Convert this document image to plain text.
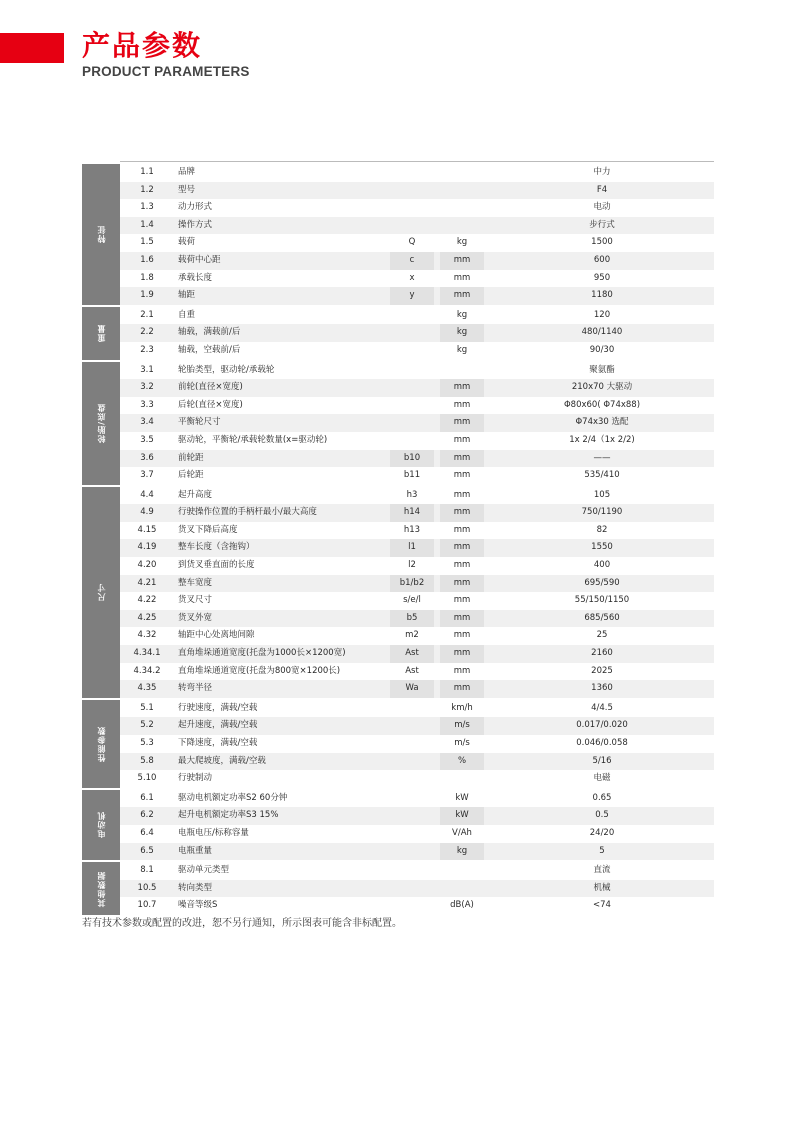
产品参数
PRODUCT PARAMETERS
特征
1.1	品牌	中力
1.2	型号	F4
1.3	动力形式	电动
1.4	操作方式	步行式
1.5	载荷	Q	kg	1500
1.6	载荷中心距	c	mm	600
1.8	承载长度	x	mm	950
1.9	轴距	y	mm	1180
重量
2.1	自重	kg	120
2.2	轴载，满载前/后	kg	480/1140
2.3	轴载，空载前/后	kg	90/30
轮胎/底盘
3.1	轮胎类型，驱动轮/承载轮	聚氨酯
3.2	前轮(直径×宽度)	mm	210x70 大驱动
3.3	后轮(直径×宽度)	mm	Φ80x60( Φ74x88)
3.4	平衡轮尺寸	mm	Φ74x30 选配
3.5	驱动轮，平衡轮/承载轮数量(x=驱动轮)	mm	1x 2/4（1x 2/2)
3.6	前轮距	b10	mm	——
3.7	后轮距	b11	mm	535/410
尺寸
4.4	起升高度	h3	mm	105
4.9	行驶操作位置的手柄杆最小/最大高度	h14	mm	750/1190
4.15	货叉下降后高度	h13	mm	82
4.19	整车长度（含拖钩）	l1	mm	1550
4.20	到货叉垂直面的长度	l2	mm	400
4.21	整车宽度	b1/b2	mm	695/590
4.22	货叉尺寸	s/e/l	mm	55/150/1150
4.25	货叉外宽	b5	mm	685/560
4.32	轴距中心处离地间隙	m2	mm	25
4.34.1	直角堆垛通道宽度(托盘为1000长×1200宽)	Ast	mm	2160
4.34.2	直角堆垛通道宽度(托盘为800宽×1200长)	Ast	mm	2025
4.35	转弯半径	Wa	mm	1360
性能参数
5.1	行驶速度，满载/空载	km/h	4/4.5
5.2	起升速度，满载/空载	m/s	0.017/0.020
5.3	下降速度，满载/空载	m/s	0.046/0.058
5.8	最大爬坡度，满载/空载	%	5/16
5.10	行驶制动	电磁
电动机
6.1	驱动电机额定功率S2 60分钟	kW	0.65
6.2	起升电机额定功率S3 15%	kW	0.5
6.4	电瓶电压/标称容量	V/Ah	24/20
6.5	电瓶重量	kg	5
其他数据
8.1	驱动单元类型	直流
10.5	转向类型	机械
10.7	噪音等级S	dB(A)	<74
若有技术参数或配置的改进，恕不另行通知，所示图表可能含非标配置。
